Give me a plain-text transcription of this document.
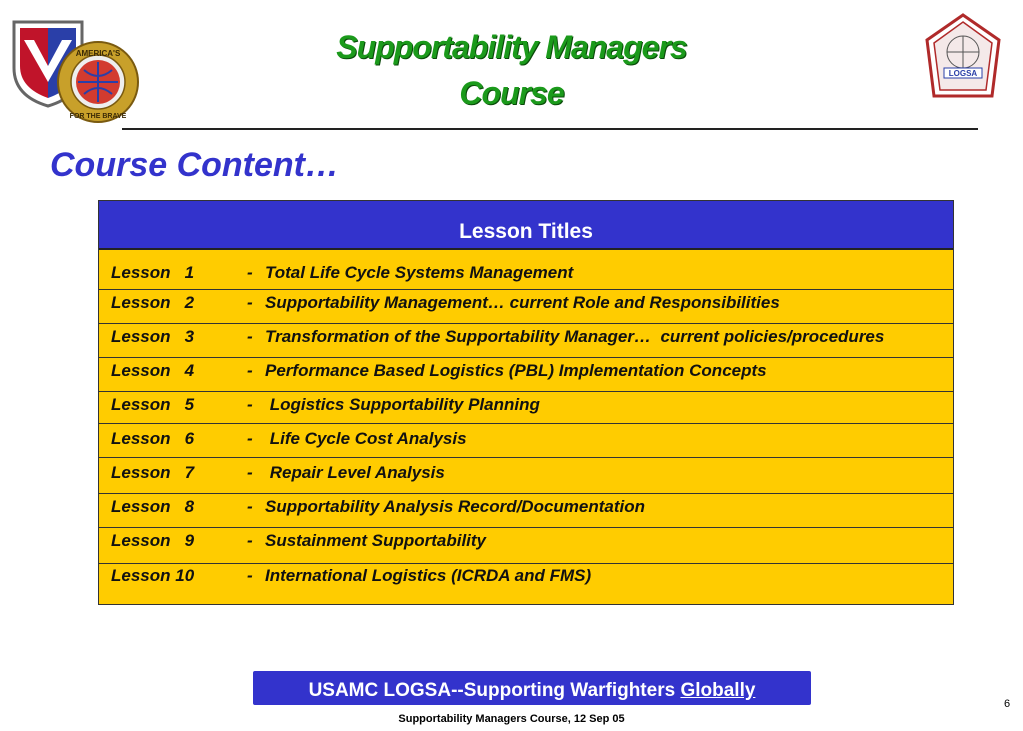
AMERICA'S
FOR THE BRAVE
LOGSA
Supportability Managers
Course
Course Content…
Lesson Titles
Lesson   1	- Total Life Cycle Systems Management
Lesson   2	- Supportability Management… current Role and Responsibilities
Lesson   3	- Transformation of the Supportability Manager…  current policies/procedures
Lesson   4	- Performance Based Logistics (PBL) Implementation Concepts
Lesson   5	- Logistics Supportability Planning
Lesson   6	- Life Cycle Cost Analysis
Lesson   7	- Repair Level Analysis
Lesson   8	- Supportability Analysis Record/Documentation
Lesson   9	- Sustainment Supportability
Lesson 10	- International Logistics (ICRDA and FMS)
USAMC LOGSA--Supporting Warfighters Globally
Supportability Managers Course, 12 Sep 05
6
